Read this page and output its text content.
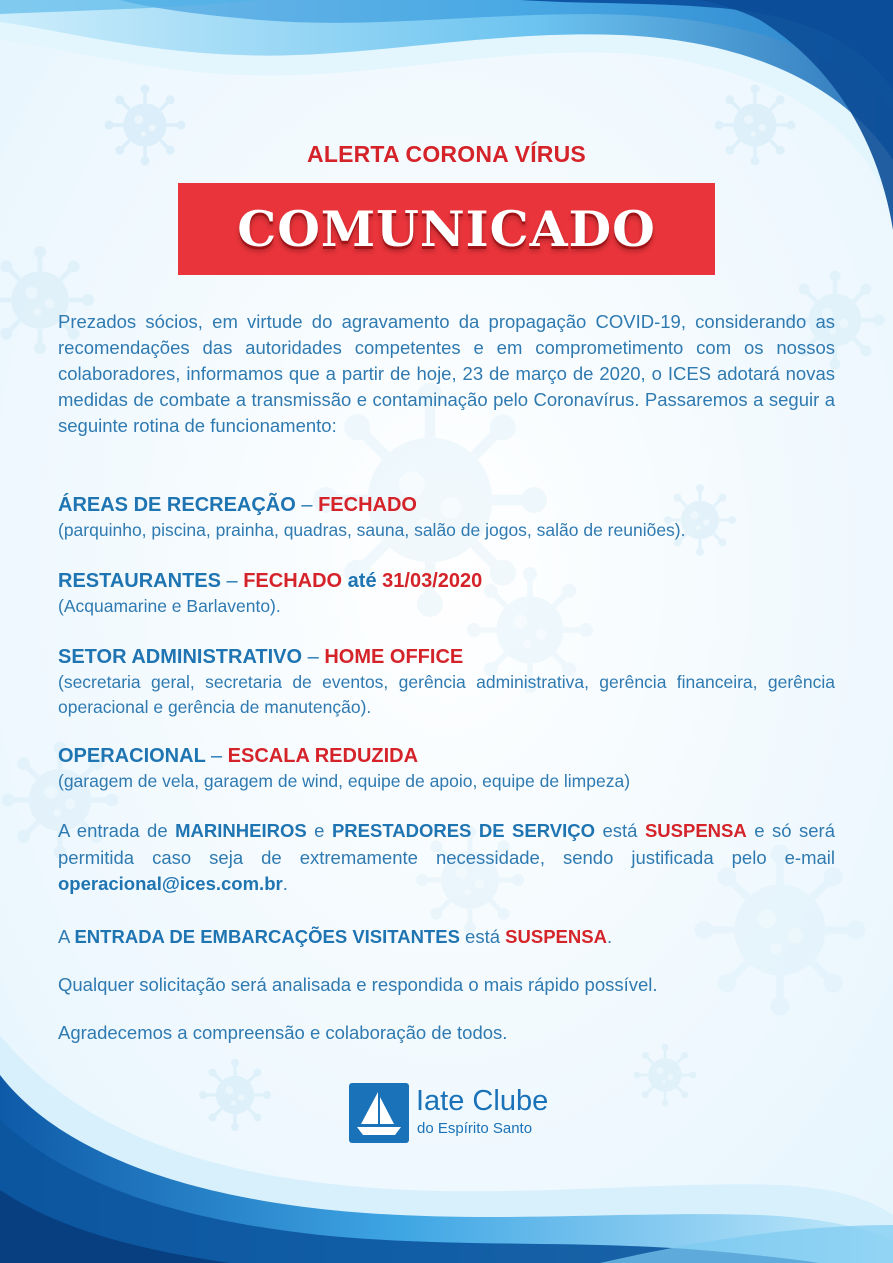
ALERTA CORONA VÍRUS
COMUNICADO

Prezados sócios, em virtude do agravamento da propagação COVID-19, considerando as recomendações das autoridades competentes e em comprometimento com os nossos colaboradores, informamos que a partir de hoje, 23 de março de 2020, o ICES adotará novas medidas de combate a transmissão e contaminação pelo Coronavírus. Passaremos a seguir a seguinte rotina de funcionamento:

ÁREAS DE RECREAÇÃO – FECHADO
(parquinho, piscina, prainha, quadras, sauna, salão de jogos, salão de reuniões).
RESTAURANTES – FECHADO até 31/03/2020
(Acquamarine e Barlavento).
SETOR ADMINISTRATIVO – HOME OFFICE
(secretaria geral, secretaria de eventos, gerência administrativa, gerência financeira, gerência operacional e gerência de manutenção).
OPERACIONAL – ESCALA REDUZIDA
(garagem de vela, garagem de wind, equipe de apoio, equipe de limpeza)

A entrada de MARINHEIROS e PRESTADORES DE SERVIÇO está SUSPENSA e só será permitida caso seja de extremamente necessidade, sendo justificada pelo e-mail operacional@ices.com.br.

A ENTRADA DE EMBARCAÇÕES VISITANTES está SUSPENSA.

Qualquer solicitação será analisada e respondida o mais rápido possível.

Agradecemos a compreensão e colaboração de todos.

Iate Clube
do Espírito Santo
